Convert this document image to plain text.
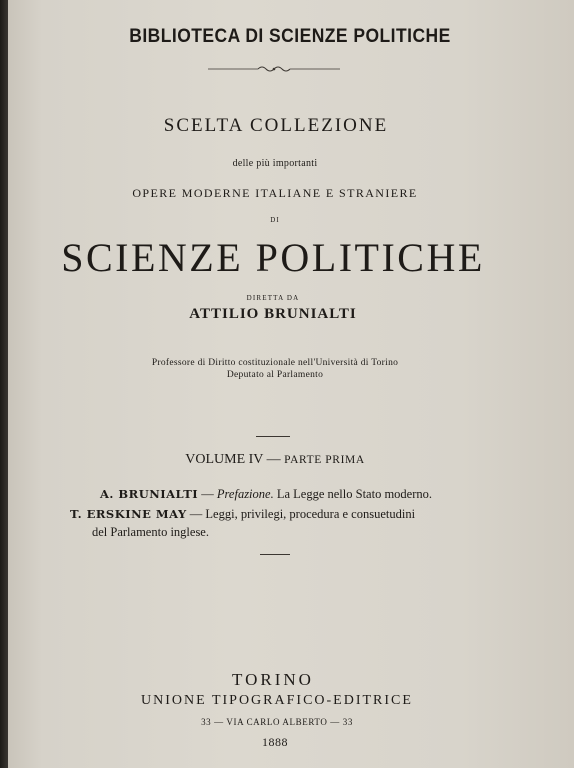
BIBLIOTECA DI SCIENZE POLITICHE
SCELTA COLLEZIONE
delle più importanti
OPERE MODERNE ITALIANE E STRANIERE
DI
SCIENZE POLITICHE
DIRETTA DA
ATTILIO BRUNIALTI
Professore di Diritto costituzionale nell'Università di Torino
Deputato al Parlamento
VOLUME IV — PARTE PRIMA
A. BRUNIALTI — Prefazione. La Legge nello Stato moderno.
T. ERSKINE MAY — Leggi, privilegi, procedura e consuetudini
del Parlamento inglese.
TORINO
UNIONE TIPOGRAFICO-EDITRICE
33 — VIA CARLO ALBERTO — 33
1888
